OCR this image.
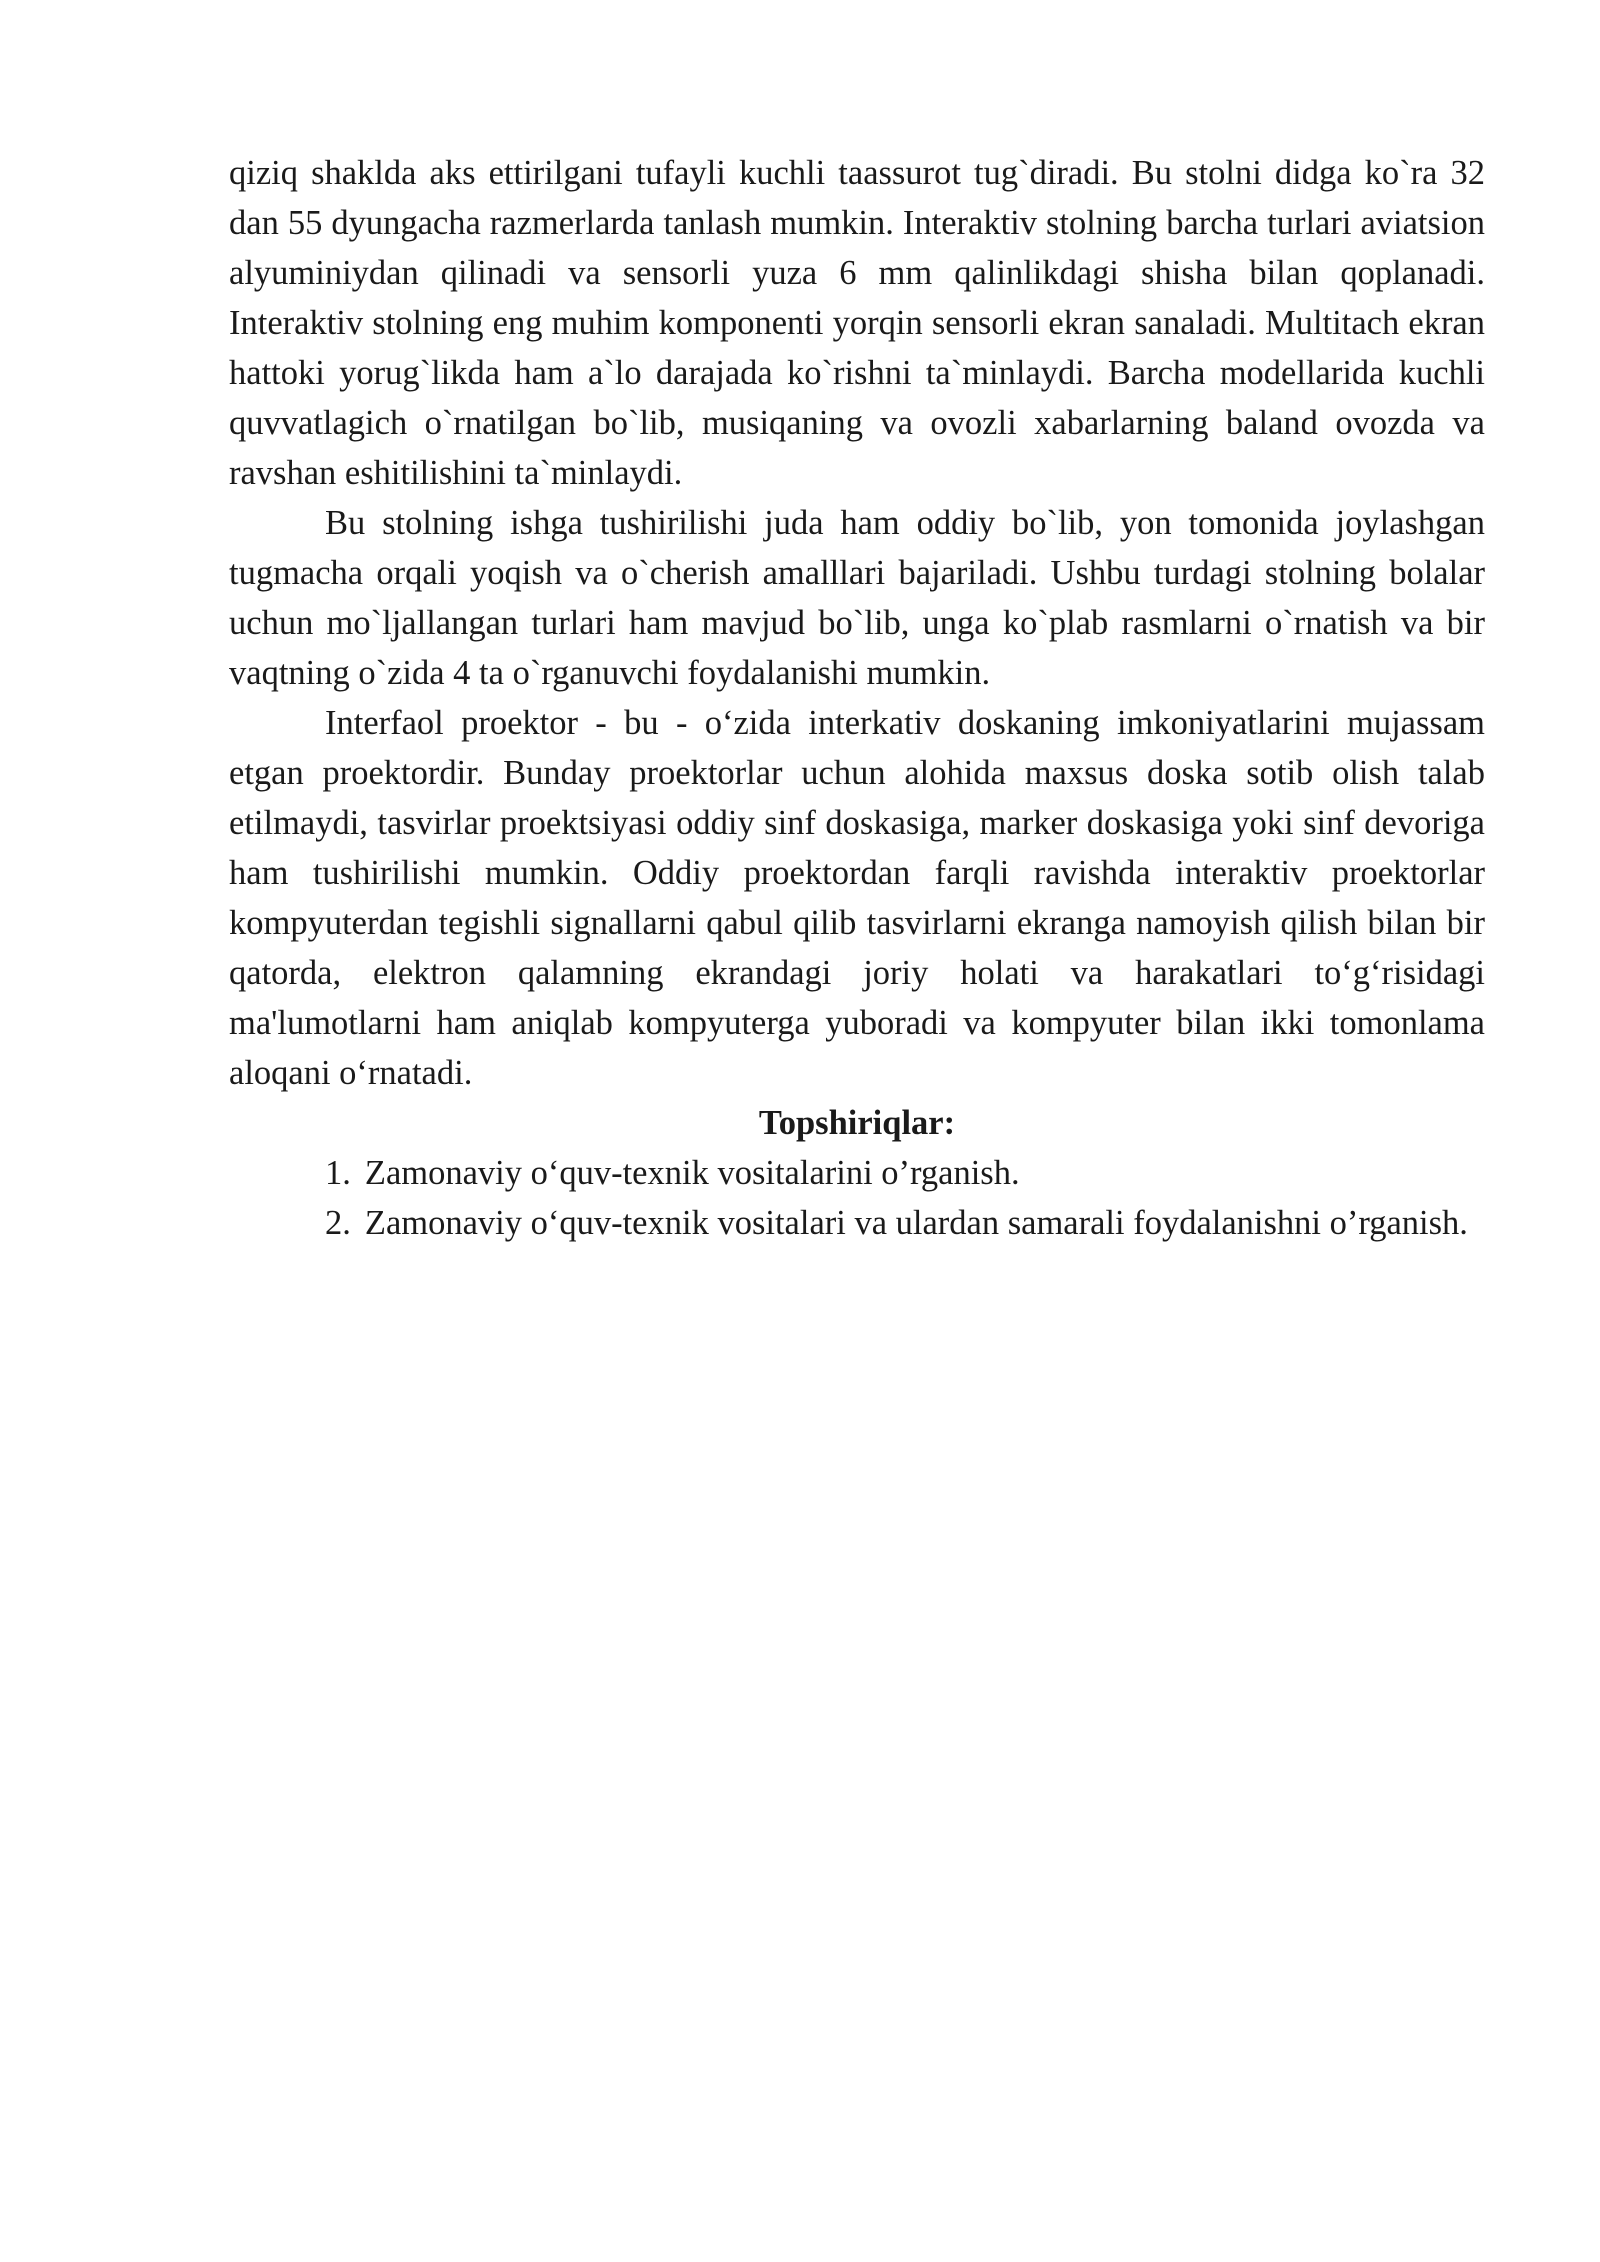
qiziq shaklda aks ettirilgani tufayli kuchli taassurot tug`diradi. Bu stolni didga ko`ra 32 dan 55 dyungacha razmerlarda tanlash mumkin. Interaktiv stolning barcha turlari aviatsion alyuminiydan qilinadi va sensorli yuza 6 mm qalinlikdagi shisha bilan qoplanadi. Interaktiv stolning eng muhim komponenti yorqin sensorli ekran sanaladi. Multitach ekran hattoki yorug`likda ham a`lo darajada ko`rishni ta`minlaydi. Barcha modellarida kuchli quvvatlagich o`rnatilgan bo`lib, musiqaning va ovozli xabarlarning baland ovozda va ravshan eshitilishini ta`minlaydi.

Bu stolning ishga tushirilishi juda ham oddiy bo`lib, yon tomonida joylashgan tugmacha orqali yoqish va o`cherish amalllari bajariladi. Ushbu turdagi stolning bolalar uchun mo`ljallangan turlari ham mavjud bo`lib, unga ko`plab rasmlarni o`rnatish va bir vaqtning o`zida 4 ta o`rganuvchi foydalanishi mumkin.

Interfaol proektor - bu - oʻzida interkativ doskaning imkoniyatlarini mujassam etgan proektordir. Bunday proektorlar uchun alohida maxsus doska sotib olish talab etilmaydi, tasvirlar proektsiyasi oddiy sinf doskasiga, marker doskasiga yoki sinf devoriga ham tushirilishi mumkin. Oddiy proektordan farqli ravishda interaktiv proektorlar kompyuterdan tegishli signallarni qabul qilib tasvirlarni ekranga namoyish qilish bilan bir qatorda, elektron qalamning ekrandagi joriy holati va harakatlari toʻgʻrisidagi ma'lumotlarni ham aniqlab kompyuterga yuboradi va kompyuter bilan ikki tomonlama aloqani oʻrnatadi.

Topshiriqlar:

1. Zamonaviy oʻquv-texnik vositalarini o’rganish.

2. Zamonaviy oʻquv-texnik vositalari va ulardan samarali foydalanishni o’rganish.
